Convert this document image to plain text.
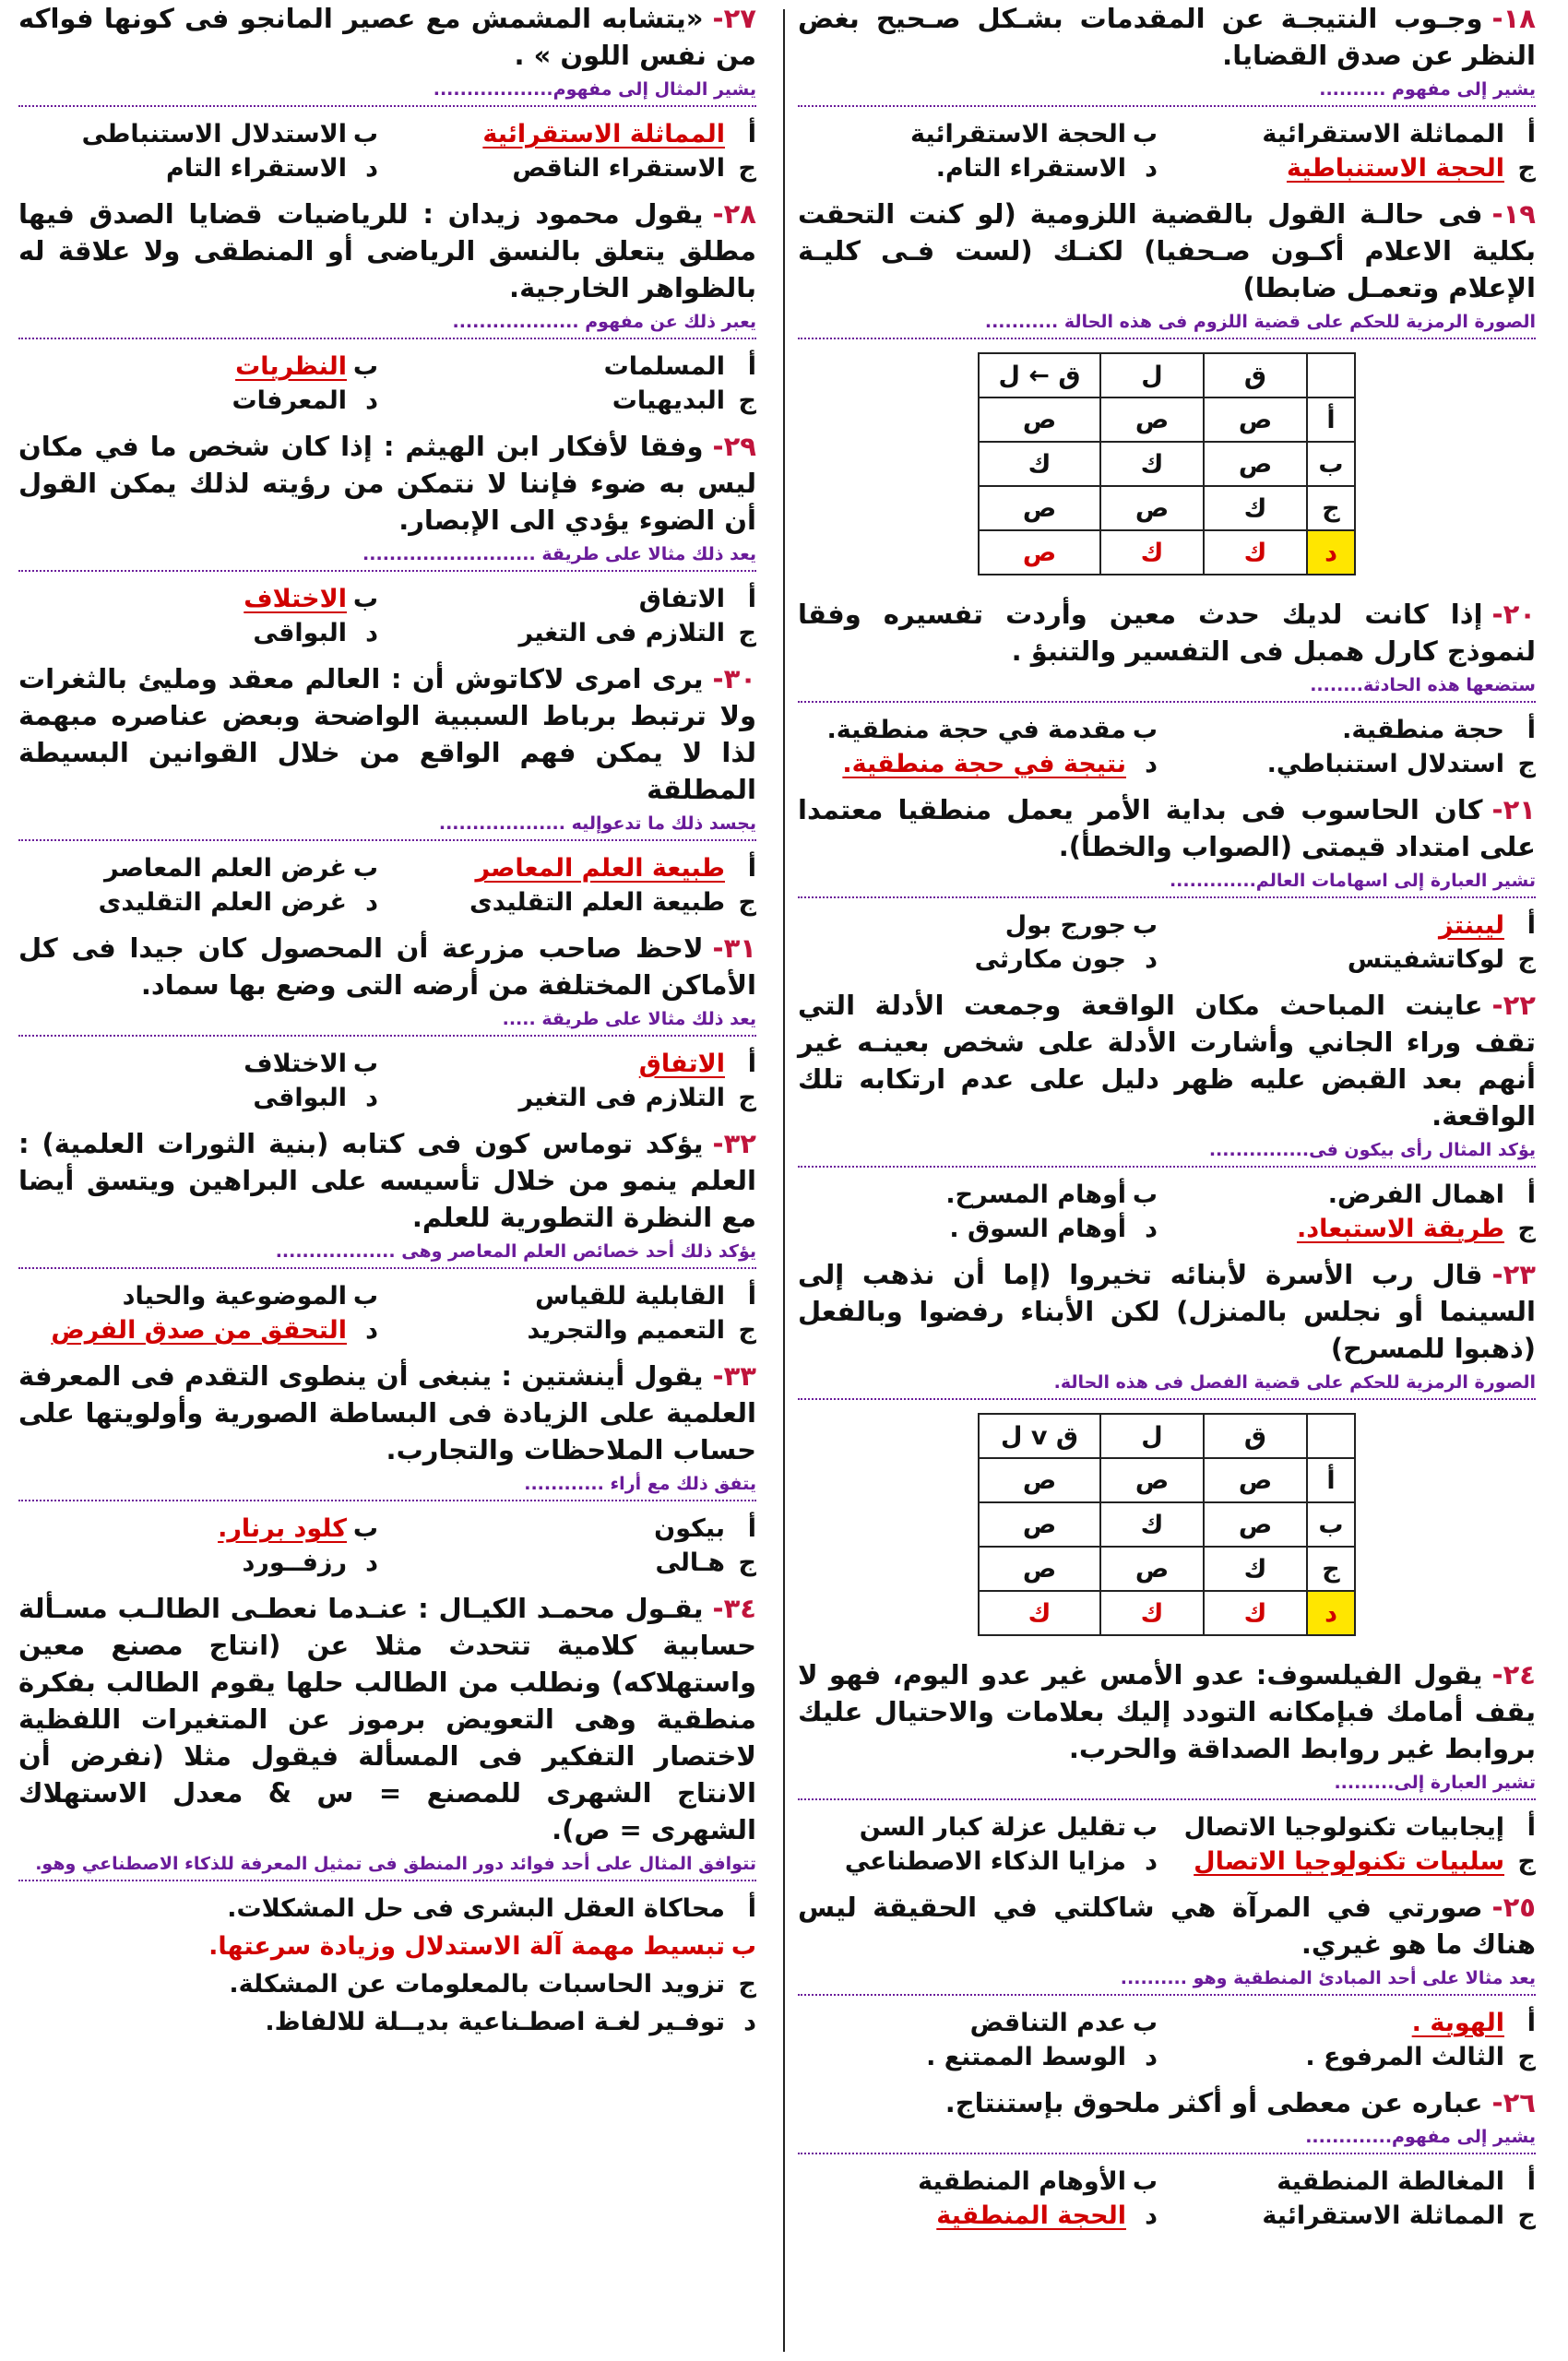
-١٨وجـوب النتيجـة عن المقدمات بشـكل صـحيح بغض النظر عن صدق القضايا.

يشير إلى مفهوم ..........
أالمماثلة الاستقرائية
بالحجة الاستقرائية
جالحجة الاستنباطية
دالاستقراء التام.

-١٩فى حالـة القول بالقضية اللزومية (لو كنت التحقت بكلية الاعلام أكـون صـحفيا) لكنـك (لست فـى كليـة الإعلام وتعمـل ضابطا)

الصورة الرمزية للحكم على قضية اللزوم فى هذه الحالة ...........
	ق	ل	ق ← ل
أ	ص	ص	ص
ب	ص	ك	ك
ج	ك	ص	ص
د	ك	ك	ص

-٢٠إذا كانت لديك حدث معين وأردت تفسيره وفقا لنموذج كارل همبل فى التفسير والتنبؤ .

ستضعها هذه الحادثة........
أحجة منطقية.
بمقدمة في حجة منطقية.
جاستدلال استنباطي.
دنتيجة في حجة منطقية.

-٢١كان الحاسوب فى بداية الأمر يعمل منطقيا معتمدا على امتداد قيمتى (الصواب والخطأ).

تشير العبارة إلى اسهامات العالم.............
أليبنتز
بجورج بول
جلوكاتشفيتس
دجون مكارثى

-٢٢عاينت المباحث مكان الواقعة وجمعت الأدلة التي تقف وراء الجاني وأشارت الأدلة على شخص بعينـه غير أنهم بعد القبض عليه ظهر دليل على عدم ارتكابه تلك الواقعة.

يؤكد المثال رأى بيكون فى...............
أاهمال الفرض.
بأوهام المسرح.
جطريقة الاستبعاد.
دأوهام السوق .

-٢٣قال رب الأسرة لأبنائه تخيروا (إما أن نذهب إلى السينما أو نجلس بالمنزل) لكن الأبناء رفضوا وبالفعل (ذهبوا للمسرح)

الصورة الرمزية للحكم على قضية الفصل فى هذه الحالة.
	ق	ل	ق v ل
أ	ص	ص	ص
ب	ص	ك	ص
ج	ك	ص	ص
د	ك	ك	ك

-٢٤يقول الفيلسوف: عدو الأمس غير عدو اليوم، فهو لا يقف أمامك فبإمكانه التودد إليك بعلامات والاحتيال عليك بروابط غير روابط الصداقة والحرب.

تشير العبارة إلى.........
أإيجابيات تكنولوجيا الاتصال
بتقليل عزلة كبار السن
جسلبيات تكنولوجيا الاتصال
دمزايا الذكاء الاصطناعي

-٢٥صورتي في المرآة هي شاكلتي في الحقيقة ليس هناك ما هو غيري.

يعد مثالا على أحد المبادئ المنطقية وهو ..........
أالهوية .
بعدم التناقض
جالثالث المرفوع .
دالوسط الممتنع .

-٢٦عباره عن معطى أو أكثر ملحوق بإستنتاج.

يشير إلى مفهوم.............
أالمغالطة المنطقية
بالأوهام المنطقية
جالمماثلة الاستقرائية
دالحجة المنطقية

-٢٧«يتشابه المشمش مع عصير المانجو فى كونها فواكه من نفس اللون » .

يشير المثال إلى مفهوم..................
أالمماثلة الاستقرائية
بالاستدلال الاستنباطى
جالاستقراء الناقص
دالاستقراء التام

-٢٨يقول محمود زيدان : للرياضيات قضايا الصدق فيها مطلق يتعلق بالنسق الرياضى أو المنطقى ولا علاقة له بالظواهر الخارجية.

يعبر ذلك عن مفهوم ...................
أالمسلمات
بالنظريات
جالبديهيات
دالمعرفات

-٢٩وفقا لأفكار ابن الهيثم : إذا كان شخص ما في مكان ليس به ضوء فإننا لا نتمكن من رؤيته لذلك يمكن القول أن الضوء يؤدي الى الإبصار.

يعد ذلك مثالا على طريقة ..........................
أالاتفاق
بالاختلاف
جالتلازم فى التغير
دالبواقى

-٣٠يرى امرى لاكاتوش أن : العالم معقد ومليئ بالثغرات ولا ترتبط برباط السببية الواضحة وبعض عناصره مبهمة لذا لا يمكن فهم الواقع من خلال القوانين البسيطة المطلقة

يجسد ذلك ما تدعوإليه ...................
أطبيعة العلم المعاصر
بغرض العلم المعاصر
جطبيعة العلم التقليدى
دغرض العلم التقليدى

-٣١لاحظ صاحب مزرعة أن المحصول كان جيدا فى كل الأماكن المختلفة من أرضه التى وضع بها سماد.

يعد ذلك مثالا على طريقة .....
أالاتفاق
بالاختلاف
جالتلازم فى التغير
دالبواقى

-٣٢يؤكد توماس كون فى كتابه (بنية الثورات العلمية) : العلم ينمو من خلال تأسيسه على البراهين ويتسق أيضا مع النظرة التطورية للعلم.

يؤكد ذلك أحد خصائص العلم المعاصر وهى ..................
أالقابلية للقياس
بالموضوعية والحياد
جالتعميم والتجريد
دالتحقق من صدق الفرض

-٣٣يقول أينشتين : ينبغى أن ينطوى التقدم فى المعرفة العلمية على الزيادة فى البساطة الصورية وأولويتها على حساب الملاحظات والتجارب.

يتفق ذلك مع أراء ............
أبيكون
بكلود برنار.
جهـالى
درزفــورد

-٣٤يقـول محمـد الكيـال : عنـدما نعطـى الطالـب مسـألة حسابية كلامية تتحدث مثلا عن (انتاج مصنع معين واستهلاكه) ونطلب من الطالب حلها يقوم الطالب بفكرة منطقية وهى التعويض برموز عن المتغيرات اللفظية لاختصار التفكير فى المسألة فيقول مثلا (نفرض أن الانتاج الشهرى للمصنع = س & معدل الاستهلاك الشهرى = ص).

تتوافق المثال على أحد فوائد دور المنطق فى تمثيل المعرفة للذكاء الاصطناعي وهو.
أمحاكاة العقل البشرى فى حل المشكلات.
بتبسيط مهمة آلة الاستدلال وزيادة سرعتها.
جتزويد الحاسبات بالمعلومات عن المشكلة.
دتوفـير لغـة اصطـناعية بديــلة للالفاظ.
